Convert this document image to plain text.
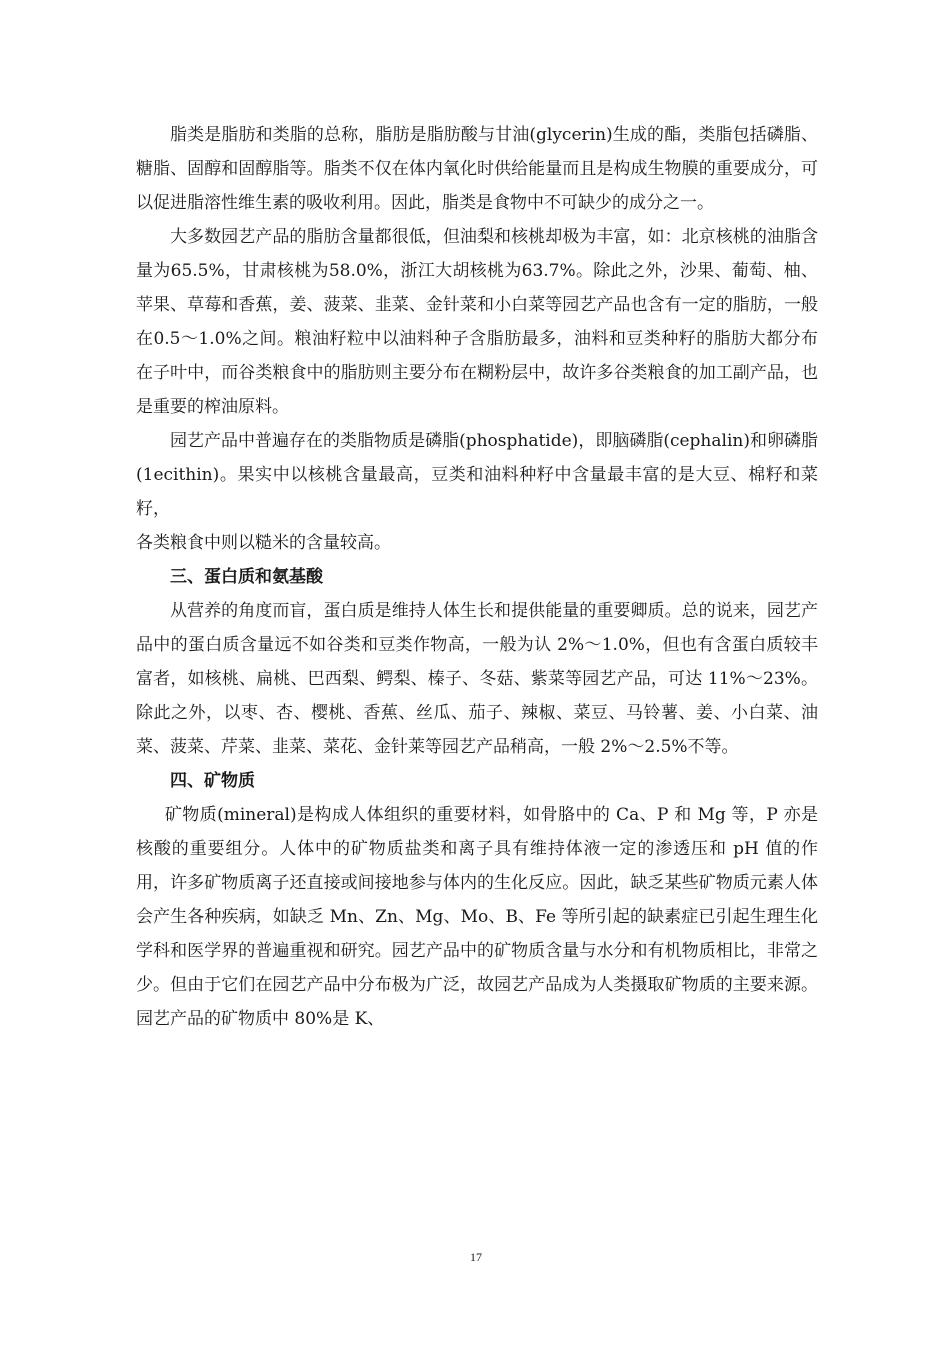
脂类是脂肪和类脂的总称，脂肪是脂肪酸与甘油(glycerin)生成的酯，类脂包括磷脂、糖脂、固醇和固醇脂等。脂类不仅在体内氧化时供给能量而且是构成生物膜的重要成分，可以促进脂溶性维生素的吸收利用。因此，脂类是食物中不可缺少的成分之一。

大多数园艺产品的脂肪含量都很低，但油梨和核桃却极为丰富，如：北京核桃的油脂含量为65.5%，甘肃核桃为58.0%，浙江大胡核桃为63.7%。除此之外，沙果、葡萄、柚、苹果、草莓和香蕉，姜、菠菜、韭菜、金针菜和小白菜等园艺产品也含有一定的脂肪，一般在0.5～1.0%之间。粮油籽粒中以油料种子含脂肪最多，油料和豆类种籽的脂肪大都分布在子叶中，而谷类粮食中的脂肪则主要分布在糊粉层中，故许多谷类粮食的加工副产品，也是重要的榨油原料。

园艺产品中普遍存在的类脂物质是磷脂(phosphatide)，即脑磷脂(cephalin)和卵磷脂(1ecithin)。果实中以核桃含量最高，豆类和油料种籽中含量最丰富的是大豆、棉籽和菜籽，

各类粮食中则以糙米的含量较高。

三、蛋白质和氨基酸

从营养的角度而盲，蛋白质是维持人体生长和提供能量的重要卿质。总的说来，园艺产品中的蛋白质含量远不如谷类和豆类作物高，一般为认 2%～1.0%，但也有含蛋白质较丰富者，如核桃、扁桃、巴西梨、鳄梨、榛子、冬菇、紫菜等园艺产品，可达 11%～23%。除此之外，以枣、杏、樱桃、香蕉、丝瓜、茄子、辣椒、菜豆、马铃薯、姜、小白菜、油菜、菠菜、芹菜、韭菜、菜花、金针莱等园艺产品稍高，一般 2%～2.5%不等。

四、矿物质

矿物质(mineral)是构成人体组织的重要材料，如骨胳中的 Ca、P 和 Mg 等，P 亦是核酸的重要组分。人体中的矿物质盐类和离子具有维持体液一定的渗透压和 pH 值的作用，许多矿物质离子还直接或间接地参与体内的生化反应。因此，缺乏某些矿物质元素人体会产生各种疾病，如缺乏 Mn、Zn、Mg、Mo、B、Fe 等所引起的缺素症已引起生理生化学科和医学界的普遍重视和研究。园艺产品中的矿物质含量与水分和有机物质相比，非常之少。但由于它们在园艺产品中分布极为广泛，故园艺产品成为人类摄取矿物质的主要来源。园艺产品的矿物质中 80%是 K、

17
